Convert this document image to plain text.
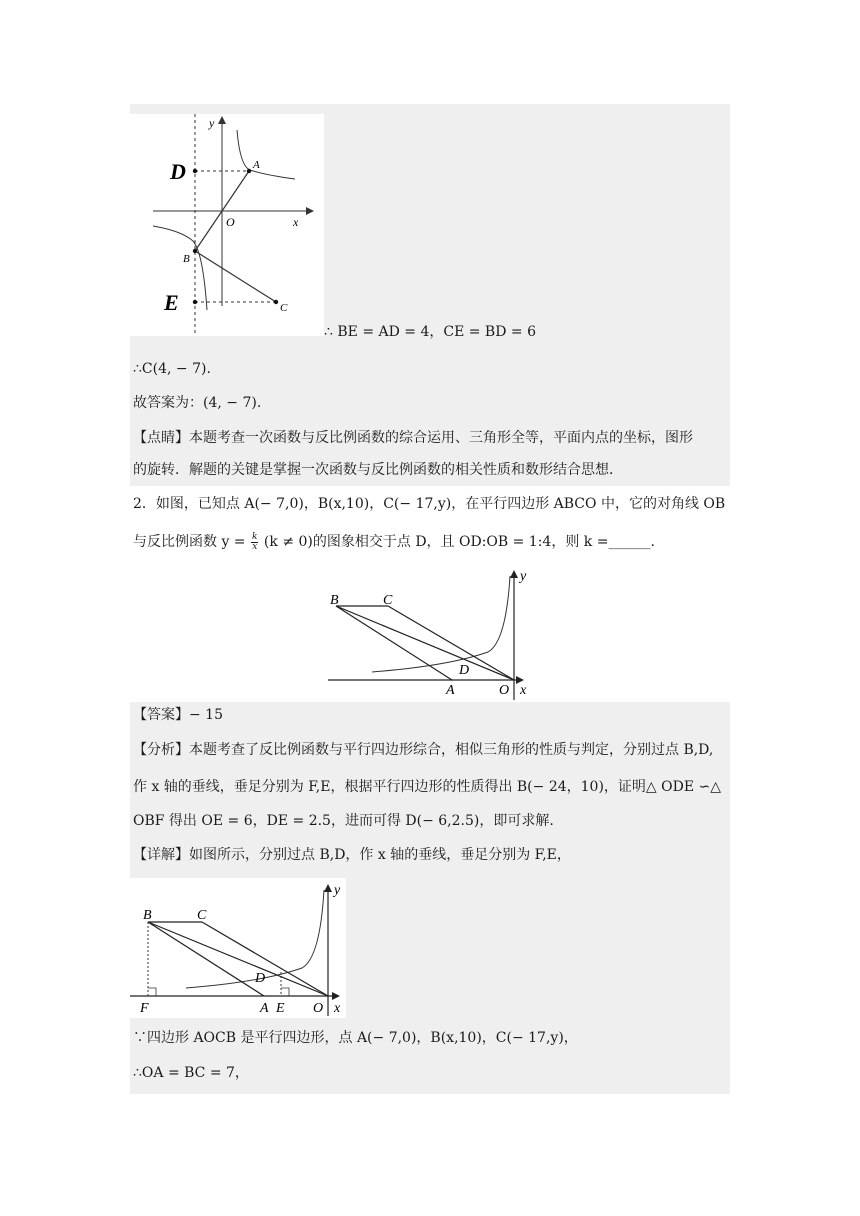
y
x
O
A
B
C
D
E
∴ BE = AD = 4，CE = BD = 6
∴C(4, − 7).
故答案为：(4, − 7).
【点睛】本题考查一次函数与反比例函数的综合运用、三角形全等，平面内点的坐标，图形
的旋转．解题的关键是掌握一次函数与反比例函数的相关性质和数形结合思想．
2．如图，已知点 A(− 7,0)，B(x,10)，C(− 17,y)，在平行四边形 ABCO 中，它的对角线 OB
与反比例函数 $y = \frac{k}{x} (k \ne 0)$的图象相交于点 D，且 OD:OB = 1:4，则 k =______.
y
x
O
B	C
D
A
【答案】− 15
【分析】本题考查了反比例函数与平行四边形综合，相似三角形的性质与判定，分别过点 B,D,
作 x 轴的垂线，垂足分别为 F,E，根据平行四边形的性质得出 B(− 24，10)，证明△ ODE ∽△
OBF 得出 OE = 6，DE = 2.5，进而可得 D(− 6,2.5)，即可求解.
【详解】如图所示，分别过点 B,D，作 x 轴的垂线，垂足分别为 F,E，
y
x
O
B	C
D
F	A E
∵四边形 AOCB 是平行四边形，点 A(− 7,0)，B(x,10)，C(− 17,y)，
∴OA = BC = 7，
